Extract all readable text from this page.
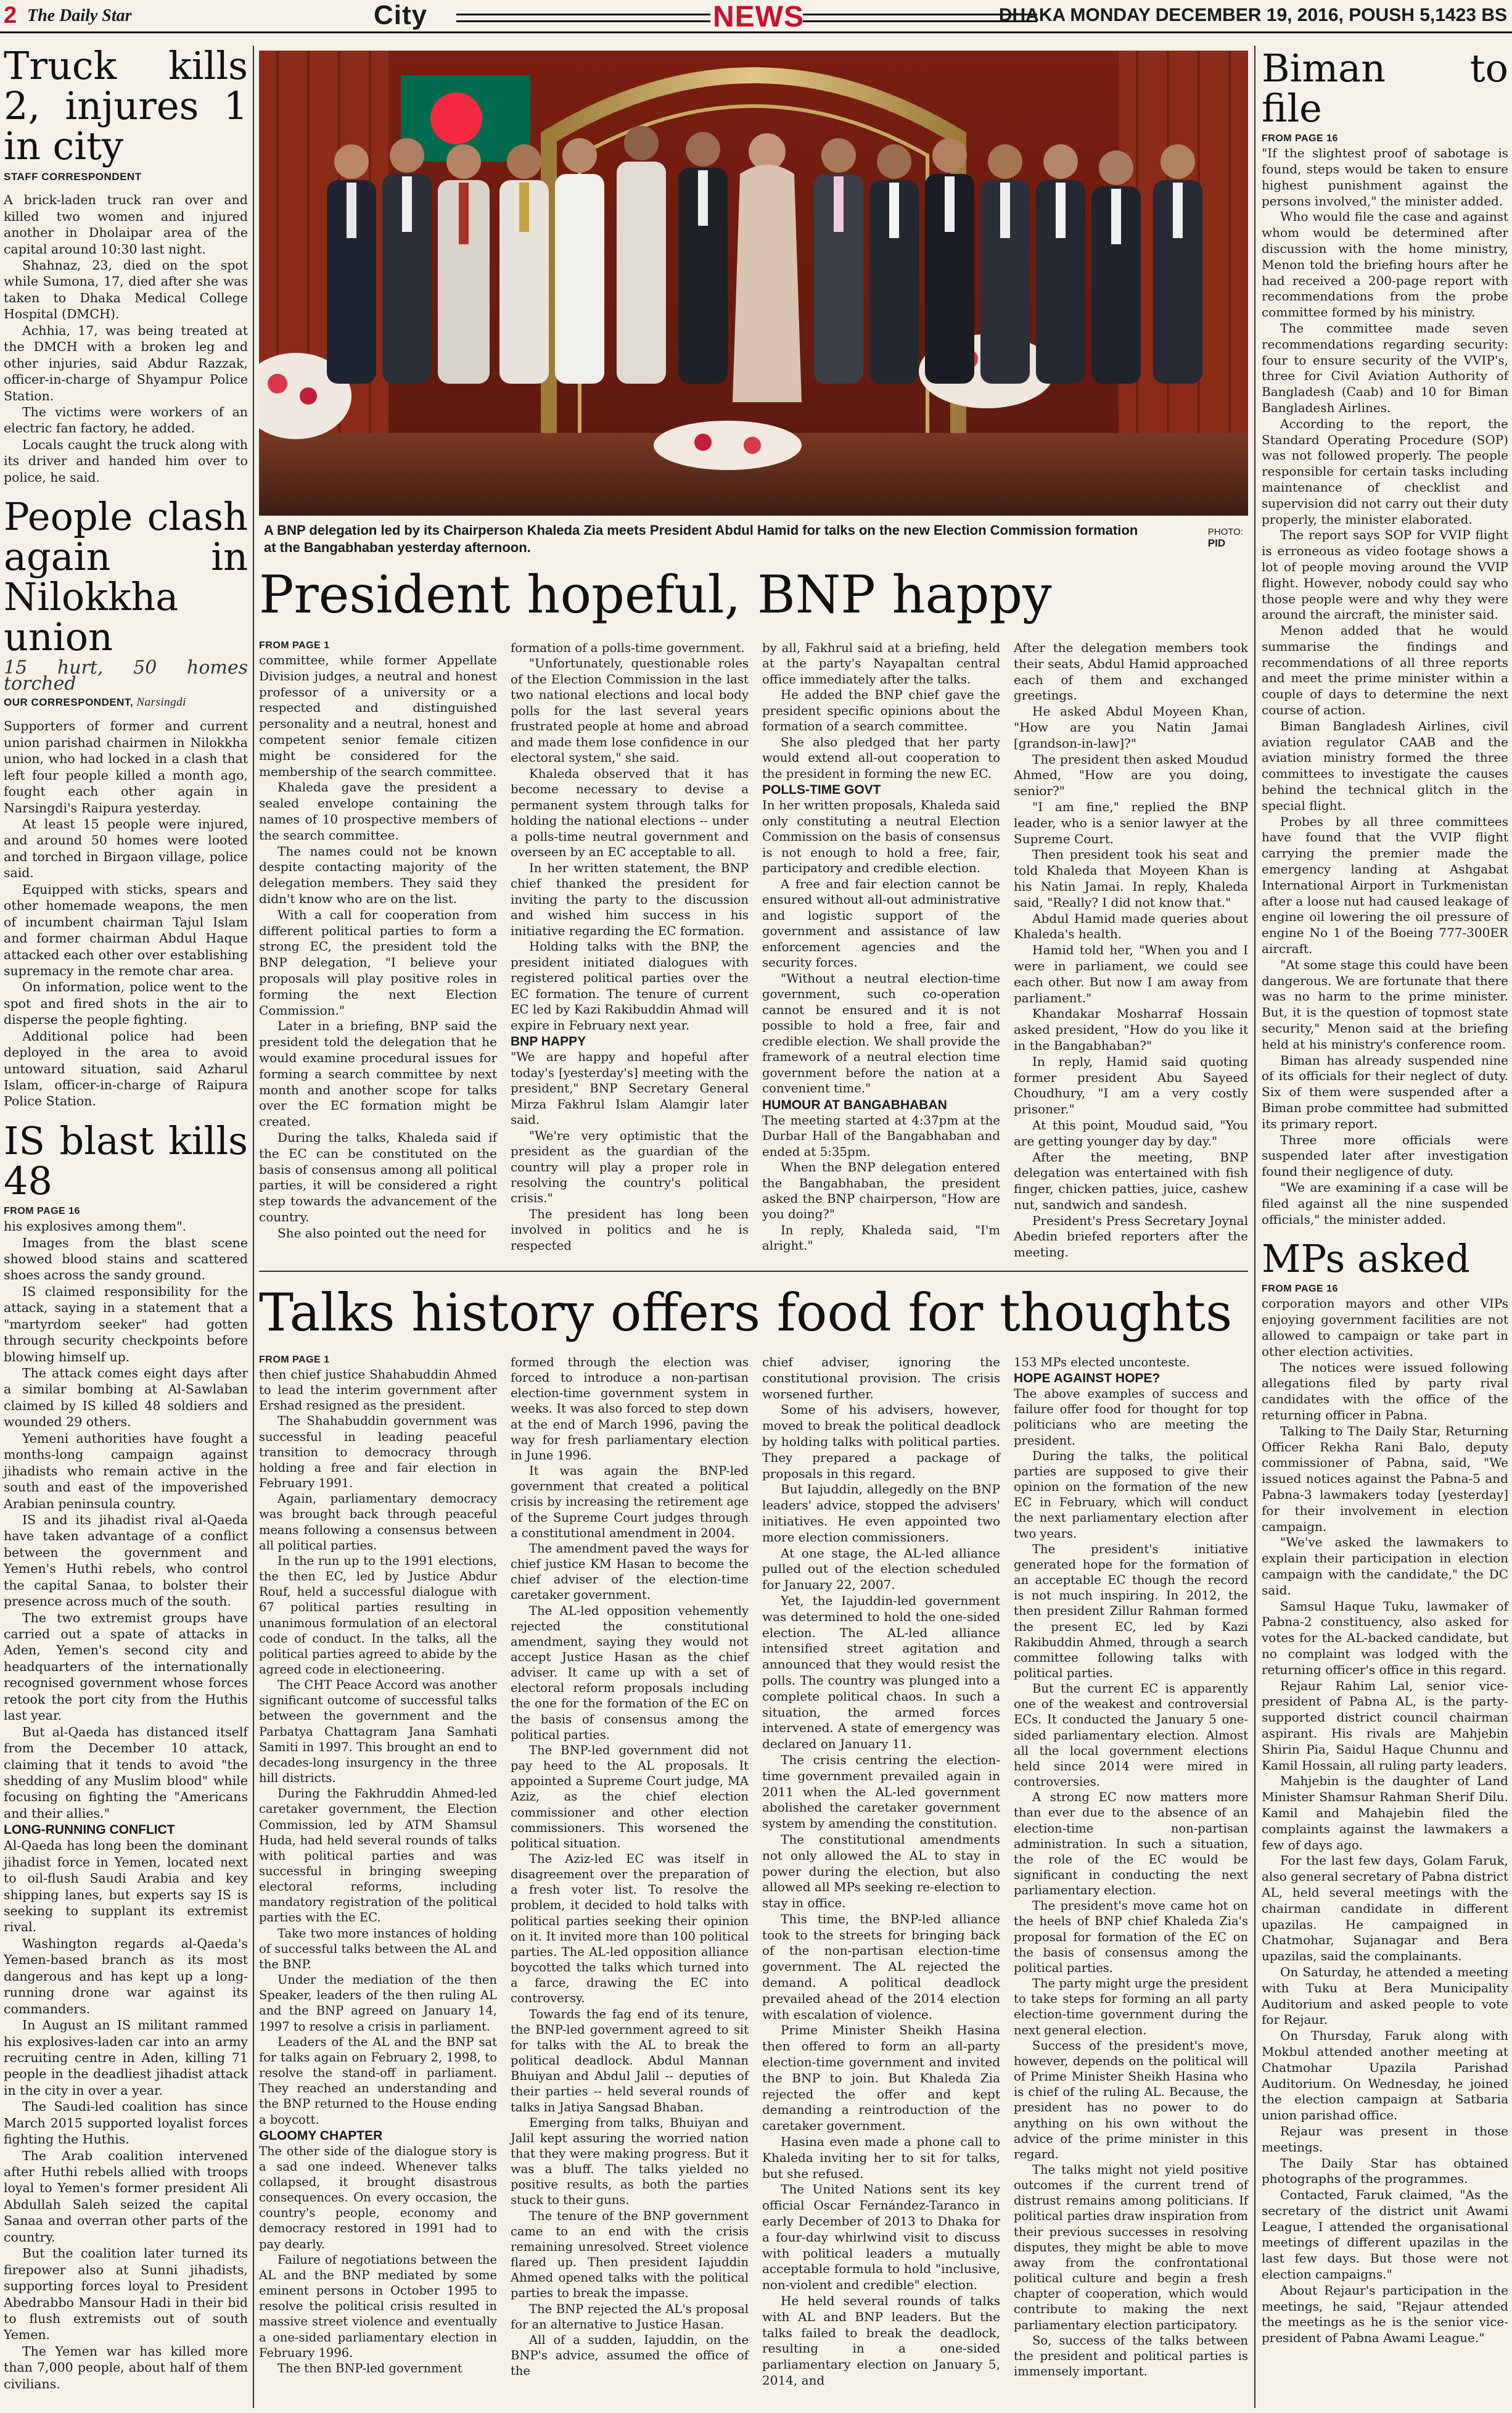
2 The Daily Star	City	NEWS	DHAKA MONDAY DECEMBER 19, 2016, POUSH 5,1423 BS
Truck kills 2, injures 1 in city
STAFF CORRESPONDENT

A brick-laden truck ran over and killed two women and injured another in Dholaipar area of the capital around 10:30 last night.

Shahnaz, 23, died on the spot while Sumona, 17, died after she was taken to Dhaka Medical College Hospital (DMCH).

Achhia, 17, was being treated at the DMCH with a broken leg and other injuries, said Abdur Razzak, officer-in-charge of Shyampur Police Station.

The victims were workers of an electric fan factory, he added.

Locals caught the truck along with its driver and handed him over to police, he said.

People clash again in Nilokkha union
15 hurt, 50 homes torched
OUR CORRESPONDENT, Narsingdi

Supporters of former and current union parishad chairmen in Nilokkha union, who had locked in a clash that left four people killed a month ago, fought each other again in Narsingdi's Raipura yesterday.

At least 15 people were injured, and around 50 homes were looted and torched in Birgaon village, police said.

Equipped with sticks, spears and other homemade weapons, the men of incumbent chairman Tajul Islam and former chairman Abdul Haque attacked each other over establishing supremacy in the remote char area.

On information, police went to the spot and fired shots in the air to disperse the people fighting.

Additional police had been deployed in the area to avoid untoward situation, said Azharul Islam, officer-in-charge of Raipura Police Station.

IS blast kills 48
FROM PAGE 16

his explosives among them".

Images from the blast scene showed blood stains and scattered shoes across the sandy ground.

IS claimed responsibility for the attack, saying in a statement that a "martyrdom seeker" had gotten through security checkpoints before blowing himself up.

The attack comes eight days after a similar bombing at Al-Sawlaban claimed by IS killed 48 soldiers and wounded 29 others.

Yemeni authorities have fought a months-long campaign against jihadists who remain active in the south and east of the impoverished Arabian peninsula country.

IS and its jihadist rival al-Qaeda have taken advantage of a conflict between the government and Yemen's Huthi rebels, who control the capital Sanaa, to bolster their presence across much of the south.

The two extremist groups have carried out a spate of attacks in Aden, Yemen's second city and headquarters of the internationally recognised government whose forces retook the port city from the Huthis last year.

But al-Qaeda has distanced itself from the December 10 attack, claiming that it tends to avoid "the shedding of any Muslim blood" while focusing on fighting the "Americans and their allies."

LONG-RUNNING CONFLICT

Al-Qaeda has long been the dominant jihadist force in Yemen, located next to oil-flush Saudi Arabia and key shipping lanes, but experts say IS is seeking to supplant its extremist rival.

Washington regards al-Qaeda's Yemen-based branch as its most dangerous and has kept up a long-running drone war against its commanders.

In August an IS militant rammed his explosives-laden car into an army recruiting centre in Aden, killing 71 people in the deadliest jihadist attack in the city in over a year.

The Saudi-led coalition has since March 2015 supported loyalist forces fighting the Huthis.

The Arab coalition intervened after Huthi rebels allied with troops loyal to Yemen's former president Ali Abdullah Saleh seized the capital Sanaa and overran other parts of the country.

But the coalition later turned its firepower also at Sunni jihadists, supporting forces loyal to President Abedrabbo Mansour Hadi in their bid to flush extremists out of south Yemen.

The Yemen war has killed more than 7,000 people, about half of them civilians.

A BNP delegation led by its Chairperson Khaleda Zia meets President Abdul Hamid for talks on the new Election Commission formation at the Bangabhaban yesterday afternoon.
PHOTO:
PID
President hopeful, BNP happy
FROM PAGE 1

committee, while former Appellate Division judges, a neutral and honest professor of a university or a respected and distinguished personality and a neutral, honest and competent senior female citizen might be considered for the membership of the search committee.

Khaleda gave the president a sealed envelope containing the names of 10 prospective members of the search committee.

The names could not be known despite contacting majority of the delegation members. They said they didn't know who are on the list.

With a call for cooperation from different political parties to form a strong EC, the president told the BNP delegation, "I believe your proposals will play positive roles in forming the next Election Commission."

Later in a briefing, BNP said the president told the delegation that he would examine procedural issues for forming a search committee by next month and another scope for talks over the EC formation might be created.

During the talks, Khaleda said if the EC can be constituted on the basis of consensus among all political parties, it will be considered a right step towards the advancement of the country.

She also pointed out the need for

formation of a polls-time government.

"Unfortunately, questionable roles of the Election Commission in the last two national elections and local body polls for the last several years frustrated people at home and abroad and made them lose confidence in our electoral system," she said.

Khaleda observed that it has become necessary to devise a permanent system through talks for holding the national elections -- under a polls-time neutral government and overseen by an EC acceptable to all.

In her written statement, the BNP chief thanked the president for inviting the party to the discussion and wished him success in his initiative regarding the EC formation.

Holding talks with the BNP, the president initiated dialogues with registered political parties over the EC formation. The tenure of current EC led by Kazi Rakibuddin Ahmad will expire in February next year.

BNP HAPPY

"We are happy and hopeful after today's [yesterday's] meeting with the president," BNP Secretary General Mirza Fakhrul Islam Alamgir later said.

"We're very optimistic that the president as the guardian of the country will play a proper role in resolving the country's political crisis."

The president has long been involved in politics and he is respected

by all, Fakhrul said at a briefing, held at the party's Nayapaltan central office immediately after the talks.

He added the BNP chief gave the president specific opinions about the formation of a search committee.

She also pledged that her party would extend all-out cooperation to the president in forming the new EC.

POLLS-TIME GOVT

In her written proposals, Khaleda said only constituting a neutral Election Commission on the basis of consensus is not enough to hold a free, fair, participatory and credible election.

A free and fair election cannot be ensured without all-out administrative and logistic support of the government and assistance of law enforcement agencies and the security forces.

"Without a neutral election-time government, such co-operation cannot be ensured and it is not possible to hold a free, fair and credible election. We shall provide the framework of a neutral election time government before the nation at a convenient time."

HUMOUR AT BANGABHABAN

The meeting started at 4:37pm at the Durbar Hall of the Bangabhaban and ended at 5:35pm.

When the BNP delegation entered the Bangabhaban, the president asked the BNP chairperson, "How are you doing?"

In reply, Khaleda said, "I'm alright."

After the delegation members took their seats, Abdul Hamid approached each of them and exchanged greetings.

He asked Abdul Moyeen Khan, "How are you Natin Jamai [grandson-in-law]?"

The president then asked Moudud Ahmed, "How are you doing, senior?"

"I am fine," replied the BNP leader, who is a senior lawyer at the Supreme Court.

Then president took his seat and told Khaleda that Moyeen Khan is his Natin Jamai. In reply, Khaleda said, "Really? I did not know that."

Abdul Hamid made queries about Khaleda's health.

Hamid told her, "When you and I were in parliament, we could see each other. But now I am away from parliament."

Khandakar Mosharraf Hossain asked president, "How do you like it in the Bangabhaban?"

In reply, Hamid said quoting former president Abu Sayeed Choudhury, "I am a very costly prisoner."

At this point, Moudud said, "You are getting younger day by day."

After the meeting, BNP delegation was entertained with fish finger, chicken patties, juice, cashew nut, sandwich and sandesh.

President's Press Secretary Joynal Abedin briefed reporters after the meeting.

Talks history offers food for thoughts
FROM PAGE 1

then chief justice Shahabuddin Ahmed to lead the interim government after Ershad resigned as the president.

The Shahabuddin government was successful in leading peaceful transition to democracy through holding a free and fair election in February 1991.

Again, parliamentary democracy was brought back through peaceful means following a consensus between all political parties.

In the run up to the 1991 elections, the then EC, led by Justice Abdur Rouf, held a successful dialogue with 67 political parties resulting in unanimous formulation of an electoral code of conduct. In the talks, all the political parties agreed to abide by the agreed code in electioneering.

The CHT Peace Accord was another significant outcome of successful talks between the government and the Parbatya Chattagram Jana Samhati Samiti in 1997. This brought an end to decades-long insurgency in the three hill districts.

During the Fakhruddin Ahmed-led caretaker government, the Election Commission, led by ATM Shamsul Huda, had held several rounds of talks with political parties and was successful in bringing sweeping electoral reforms, including mandatory registration of the political parties with the EC.

Take two more instances of holding of successful talks between the AL and the BNP.

Under the mediation of the then Speaker, leaders of the then ruling AL and the BNP agreed on January 14, 1997 to resolve a crisis in parliament.

Leaders of the AL and the BNP sat for talks again on February 2, 1998, to resolve the stand-off in parliament. They reached an understanding and the BNP returned to the House ending a boycott.

GLOOMY CHAPTER

The other side of the dialogue story is a sad one indeed. Whenever talks collapsed, it brought disastrous consequences. On every occasion, the country's people, economy and democracy restored in 1991 had to pay dearly.

Failure of negotiations between the AL and the BNP mediated by some eminent persons in October 1995 to resolve the political crisis resulted in massive street violence and eventually a one-sided parliamentary election in February 1996.

The then BNP-led government

formed through the election was forced to introduce a non-partisan election-time government system in weeks. It was also forced to step down at the end of March 1996, paving the way for fresh parliamentary election in June 1996.

It was again the BNP-led government that created a political crisis by increasing the retirement age of the Supreme Court judges through a constitutional amendment in 2004.

The amendment paved the ways for chief justice KM Hasan to become the chief adviser of the election-time caretaker government.

The AL-led opposition vehemently rejected the constitutional amendment, saying they would not accept Justice Hasan as the chief adviser. It came up with a set of electoral reform proposals including the one for the formation of the EC on the basis of consensus among the political parties.

The BNP-led government did not pay heed to the AL proposals. It appointed a Supreme Court judge, MA Aziz, as the chief election commissioner and other election commissioners. This worsened the political situation.

The Aziz-led EC was itself in disagreement over the preparation of a fresh voter list. To resolve the problem, it decided to hold talks with political parties seeking their opinion on it. It invited more than 100 political parties. The AL-led opposition alliance boycotted the talks which turned into a farce, drawing the EC into controversy.

Towards the fag end of its tenure, the BNP-led government agreed to sit for talks with the AL to break the political deadlock. Abdul Mannan Bhuiyan and Abdul Jalil -- deputies of their parties -- held several rounds of talks in Jatiya Sangsad Bhaban.

Emerging from talks, Bhuiyan and Jalil kept assuring the worried nation that they were making progress. But it was a bluff. The talks yielded no positive results, as both the parties stuck to their guns.

The tenure of the BNP government came to an end with the crisis remaining unresolved. Street violence flared up. Then president Iajuddin Ahmed opened talks with the political parties to break the impasse.

The BNP rejected the AL's proposal for an alternative to Justice Hasan.

All of a sudden, Iajuddin, on the BNP's advice, assumed the office of the

chief adviser, ignoring the constitutional provision. The crisis worsened further.

Some of his advisers, however, moved to break the political deadlock by holding talks with political parties. They prepared a package of proposals in this regard.

But Iajuddin, allegedly on the BNP leaders' advice, stopped the advisers' initiatives. He even appointed two more election commissioners.

At one stage, the AL-led alliance pulled out of the election scheduled for January 22, 2007.

Yet, the Iajuddin-led government was determined to hold the one-sided election. The AL-led alliance intensified street agitation and announced that they would resist the polls. The country was plunged into a complete political chaos. In such a situation, the armed forces intervened. A state of emergency was declared on January 11.

The crisis centring the election-time government prevailed again in 2011 when the AL-led government abolished the caretaker government system by amending the constitution.

The constitutional amendments not only allowed the AL to stay in power during the election, but also allowed all MPs seeking re-election to stay in office.

This time, the BNP-led alliance took to the streets for bringing back of the non-partisan election-time government. The AL rejected the demand. A political deadlock prevailed ahead of the 2014 election with escalation of violence.

Prime Minister Sheikh Hasina then offered to form an all-party election-time government and invited the BNP to join. But Khaleda Zia rejected the offer and kept demanding a reintroduction of the caretaker government.

Hasina even made a phone call to Khaleda inviting her to sit for talks, but she refused.

The United Nations sent its key official Oscar Fernández-Taranco in early December of 2013 to Dhaka for a four-day whirlwind visit to discuss with political leaders a mutually acceptable formula to hold "inclusive, non-violent and credible" election.

He held several rounds of talks with AL and BNP leaders. But the talks failed to break the deadlock, resulting in a one-sided parliamentary election on January 5, 2014, and

153 MPs elected unconteste.

HOPE AGAINST HOPE?

The above examples of success and failure offer food for thought for top politicians who are meeting the president.

During the talks, the political parties are supposed to give their opinion on the formation of the new EC in February, which will conduct the next parliamentary election after two years.

The president's initiative generated hope for the formation of an acceptable EC though the record is not much inspiring. In 2012, the then president Zillur Rahman formed the present EC, led by Kazi Rakibuddin Ahmed, through a search committee following talks with political parties.

But the current EC is apparently one of the weakest and controversial ECs. It conducted the January 5 one-sided parliamentary election. Almost all the local government elections held since 2014 were mired in controversies.

A strong EC now matters more than ever due to the absence of an election-time non-partisan administration. In such a situation, the role of the EC would be significant in conducting the next parliamentary election.

The president's move came hot on the heels of BNP chief Khaleda Zia's proposal for formation of the EC on the basis of consensus among the political parties.

The party might urge the president to take steps for forming an all party election-time government during the next general election.

Success of the president's move, however, depends on the political will of Prime Minister Sheikh Hasina who is chief of the ruling AL. Because, the president has no power to do anything on his own without the advice of the prime minister in this regard.

The talks might not yield positive outcomes if the current trend of distrust remains among politicians. If political parties draw inspiration from their previous successes in resolving disputes, they might be able to move away from the confrontational political culture and begin a fresh chapter of cooperation, which would contribute to making the next parliamentary election participatory.

So, success of the talks between the president and political parties is immensely important.

Biman to file
FROM PAGE 16

"If the slightest proof of sabotage is found, steps would be taken to ensure highest punishment against the persons involved," the minister added.

Who would file the case and against whom would be determined after discussion with the home ministry, Menon told the briefing hours after he had received a 200-page report with recommendations from the probe committee formed by his ministry.

The committee made seven recommendations regarding security: four to ensure security of the VVIP's, three for Civil Aviation Authority of Bangladesh (Caab) and 10 for Biman Bangladesh Airlines.

According to the report, the Standard Operating Procedure (SOP) was not followed properly. The people responsible for certain tasks including maintenance of checklist and supervision did not carry out their duty properly, the minister elaborated.

The report says SOP for VVIP flight is erroneous as video footage shows a lot of people moving around the VVIP flight. However, nobody could say who those people were and why they were around the aircraft, the minister said.

Menon added that he would summarise the findings and recommendations of all three reports and meet the prime minister within a couple of days to determine the next course of action.

Biman Bangladesh Airlines, civil aviation regulator CAAB and the aviation ministry formed the three committees to investigate the causes behind the technical glitch in the special flight.

Probes by all three committees have found that the VVIP flight carrying the premier made the emergency landing at Ashgabat International Airport in Turkmenistan after a loose nut had caused leakage of engine oil lowering the oil pressure of engine No 1 of the Boeing 777-300ER aircraft.

"At some stage this could have been dangerous. We are fortunate that there was no harm to the prime minister. But, it is the question of topmost state security," Menon said at the briefing held at his ministry's conference room.

Biman has already suspended nine of its officials for their neglect of duty. Six of them were suspended after a Biman probe committee had submitted its primary report.

Three more officials were suspended later after investigation found their negligence of duty.

"We are examining if a case will be filed against all the nine suspended officials," the minister added.

MPs asked
FROM PAGE 16

corporation mayors and other VIPs enjoying government facilities are not allowed to campaign or take part in other election activities.

The notices were issued following allegations filed by party rival candidates with the office of the returning officer in Pabna.

Talking to The Daily Star, Returning Officer Rekha Rani Balo, deputy commissioner of Pabna, said, "We issued notices against the Pabna-5 and Pabna-3 lawmakers today [yesterday] for their involvement in election campaign.

"We've asked the lawmakers to explain their participation in election campaign with the candidate," the DC said.

Samsul Haque Tuku, lawmaker of Pabna-2 constituency, also asked for votes for the AL-backed candidate, but no complaint was lodged with the returning officer's office in this regard.

Rejaur Rahim Lal, senior vice-president of Pabna AL, is the party-supported district council chairman aspirant. His rivals are Mahjebin Shirin Pia, Saidul Haque Chunnu and Kamil Hossain, all ruling party leaders.

Mahjebin is the daughter of Land Minister Shamsur Rahman Sherif Dilu. Kamil and Mahajebin filed the complaints against the lawmakers a few of days ago.

For the last few days, Golam Faruk, also general secretary of Pabna district AL, held several meetings with the chairman candidate in different upazilas. He campaigned in Chatmohar, Sujanagar and Bera upazilas, said the complainants.

On Saturday, he attended a meeting with Tuku at Bera Municipality Auditorium and asked people to vote for Rejaur.

On Thursday, Faruk along with Mokbul attended another meeting at Chatmohar Upazila Parishad Auditorium. On Wednesday, he joined the election campaign at Satbaria union parishad office.

Rejaur was present in those meetings.

The Daily Star has obtained photographs of the programmes.

Contacted, Faruk claimed, "As the secretary of the district unit Awami League, I attended the organisational meetings of different upazilas in the last few days. But those were not election campaigns."

About Rejaur's participation in the meetings, he said, "Rejaur attended the meetings as he is the senior vice-president of Pabna Awami League."
